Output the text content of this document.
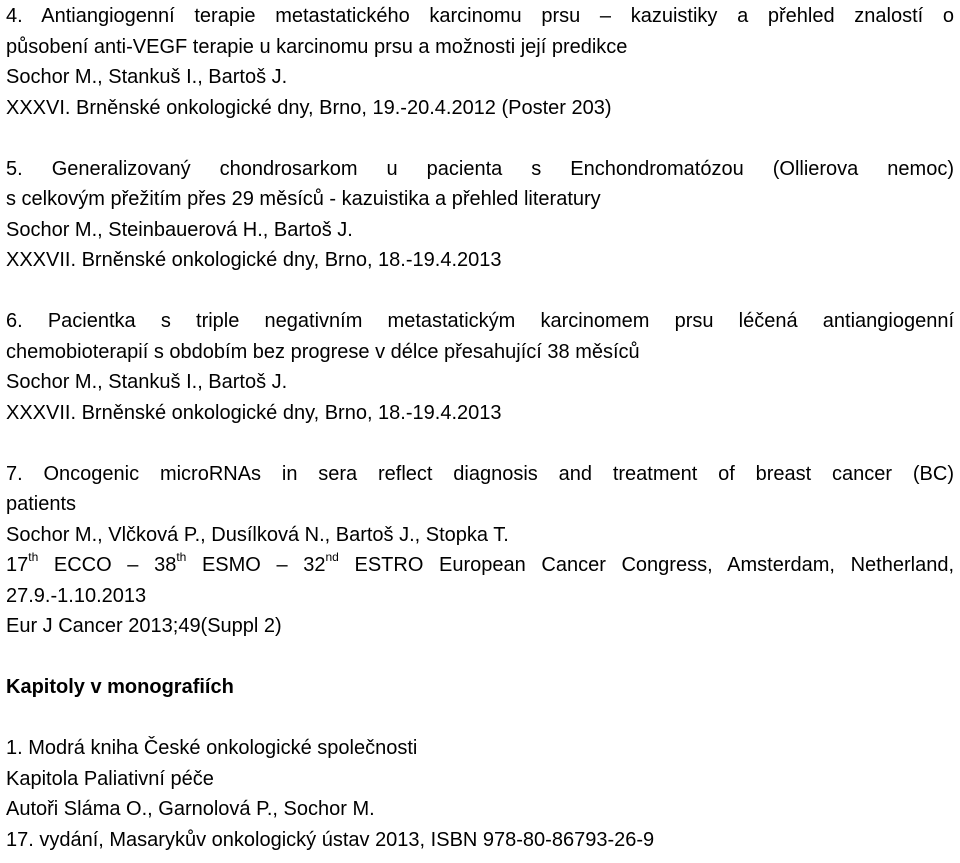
4. Antiangiogenní terapie metastatického karcinomu prsu – kazuistiky a přehled znalostí o
působení anti-VEGF terapie u karcinomu prsu a možnosti její predikce
Sochor M., Stankuš I., Bartoš J.
XXXVI. Brněnské onkologické dny, Brno, 19.-20.4.2012 (Poster 203)
5. Generalizovaný chondrosarkom u pacienta s Enchondromatózou (Ollierova nemoc)
s celkovým přežitím přes 29 měsíců - kazuistika a přehled literatury
Sochor M., Steinbauerová H., Bartoš J.
XXXVII. Brněnské onkologické dny, Brno, 18.-19.4.2013
6. Pacientka s triple negativním metastatickým karcinomem prsu léčená antiangiogenní
chemobioterapií s obdobím bez progrese v délce přesahující 38 měsíců
Sochor M., Stankuš I., Bartoš J.
XXXVII. Brněnské onkologické dny, Brno, 18.-19.4.2013
7. Oncogenic microRNAs in sera reflect diagnosis and treatment of breast cancer (BC)
patients
Sochor M., Vlčková P., Dusílková N., Bartoš J., Stopka T.
17th ECCO – 38th ESMO – 32nd ESTRO European Cancer Congress, Amsterdam, Netherland,
27.9.-1.10.2013
Eur J Cancer 2013;49(Suppl 2)
Kapitoly v monografiích
1. Modrá kniha České onkologické společnosti
Kapitola Paliativní péče
Autoři Sláma O., Garnolová P., Sochor M.
17. vydání, Masarykův onkologický ústav 2013, ISBN 978-80-86793-26-9
